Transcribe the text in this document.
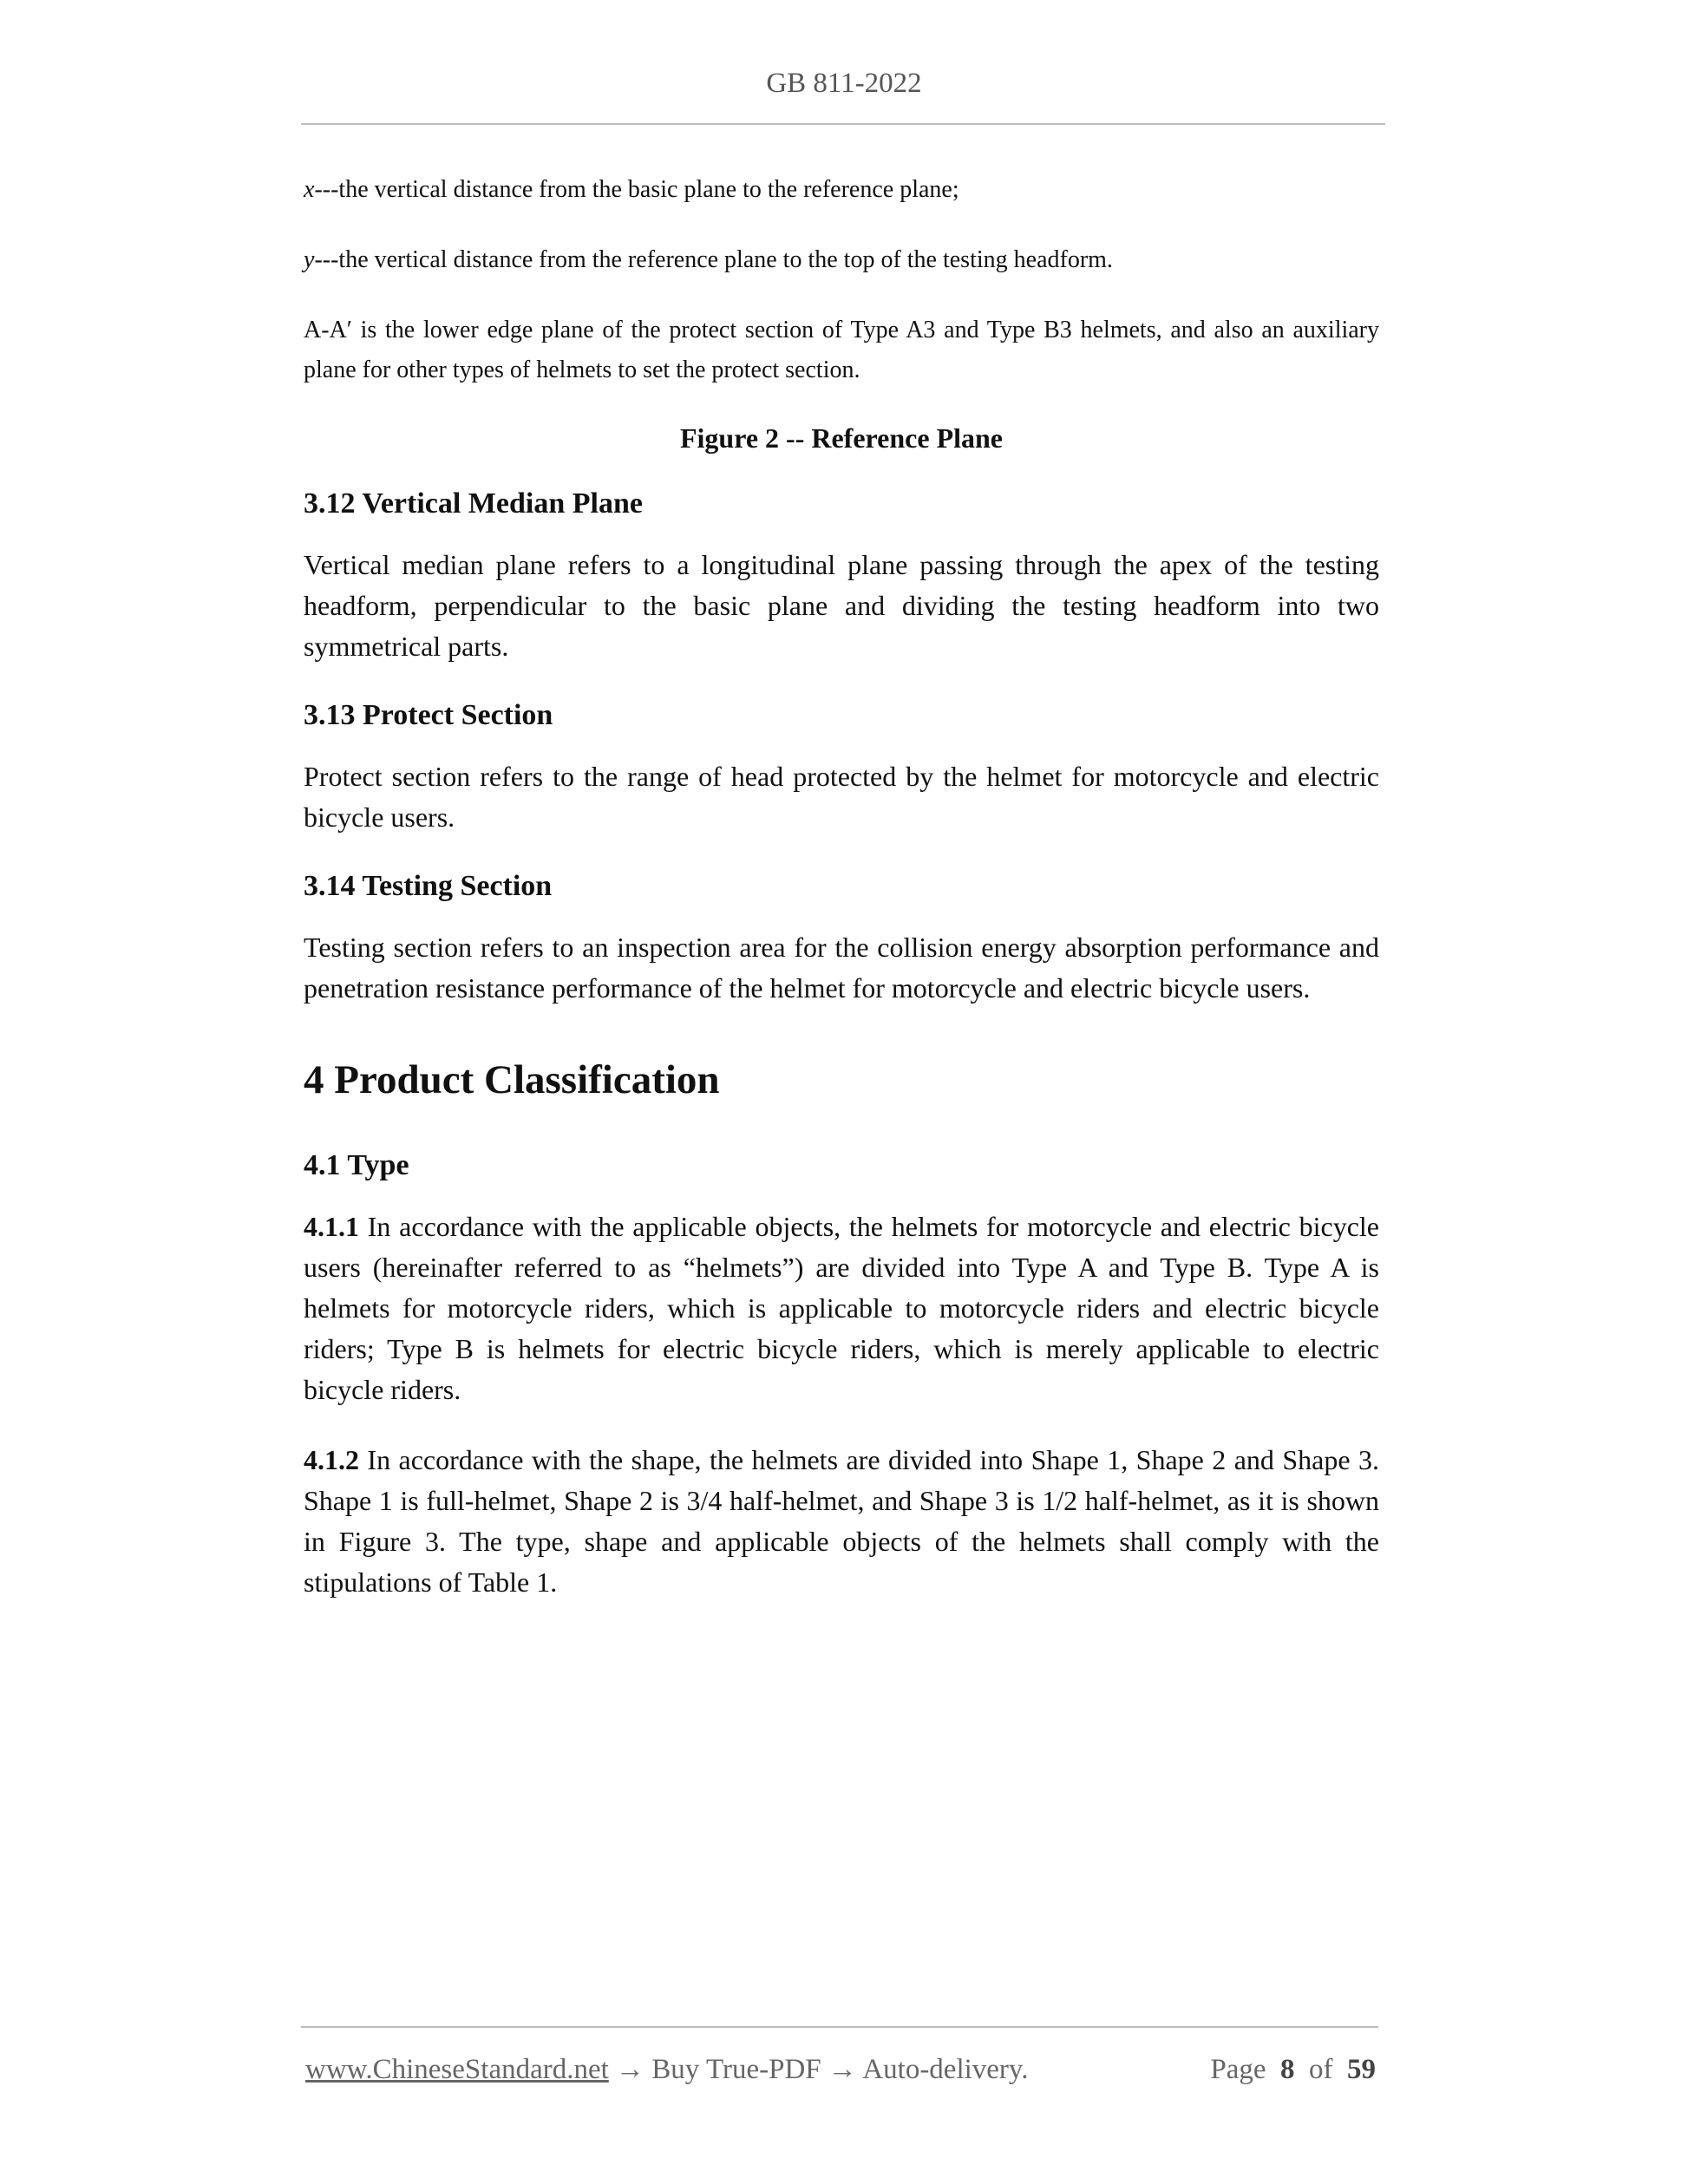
GB 811-2022

x---the vertical distance from the basic plane to the reference plane;

y---the vertical distance from the reference plane to the top of the testing headform.

A-A′ is the lower edge plane of the protect section of Type A3 and Type B3 helmets, and also an auxiliary plane for other types of helmets to set the protect section.

Figure 2 -- Reference Plane

3.12 Vertical Median Plane

Vertical median plane refers to a longitudinal plane passing through the apex of the testing headform, perpendicular to the basic plane and dividing the testing headform into two symmetrical parts.

3.13 Protect Section

Protect section refers to the range of head protected by the helmet for motorcycle and electric bicycle users.

3.14 Testing Section

Testing section refers to an inspection area for the collision energy absorption performance and penetration resistance performance of the helmet for motorcycle and electric bicycle users.

4 Product Classification

4.1 Type

4.1.1 In accordance with the applicable objects, the helmets for motorcycle and electric bicycle users (hereinafter referred to as “helmets”) are divided into Type A and Type B. Type A is helmets for motorcycle riders, which is applicable to motorcycle riders and electric bicycle riders; Type B is helmets for electric bicycle riders, which is merely applicable to electric bicycle riders.

4.1.2 In accordance with the shape, the helmets are divided into Shape 1, Shape 2 and Shape 3. Shape 1 is full-helmet, Shape 2 is 3/4 half-helmet, and Shape 3 is 1/2 half-helmet, as it is shown in Figure 3. The type, shape and applicable objects of the helmets shall comply with the stipulations of Table 1.

www.ChineseStandard.net → Buy True-PDF → Auto-delivery.	Page 8 of 59
